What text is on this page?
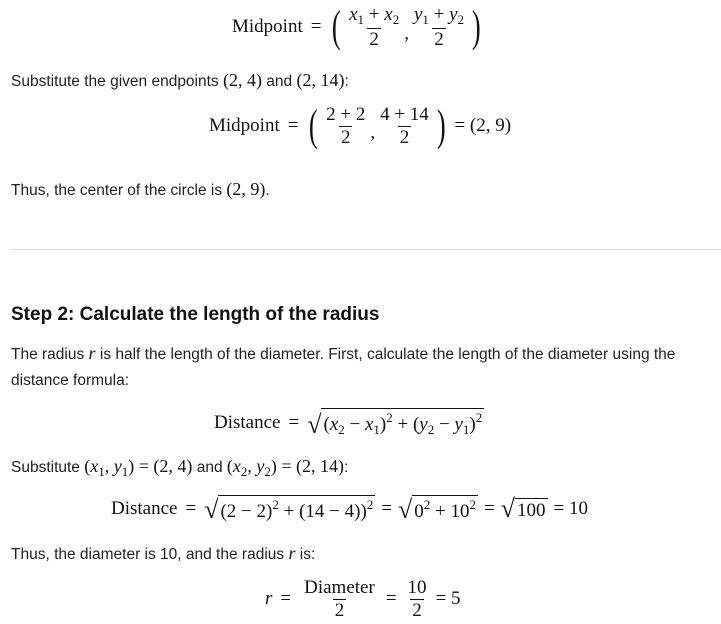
Midpoint = ( $\frac{x_1 + x_2}{2}$ , $\frac{y_1 + y_2}{2}$ )
Substitute the given endpoints (2, 4) and (2, 14):
Midpoint = ( $\frac{2 + 2}{2}$ , $\frac{4 + 14}{2}$ ) = (2, 9)
Thus, the center of the circle is (2, 9).
Step 2: Calculate the length of the radius
The radius r is half the length of the diameter. First, calculate the length of the diameter using the
distance formula:
Distance = √ $(x_2 - x_1)^2 + (y_2 - y_1)^2$
Substitute ($x_1$, $y_1) = (2$, 4) and ($x_2$, $y_2) = (2$, 14):
Distance = √ $(2 - 2)^2 + (14 - 4))^2$ = √ $0^2 + 10^2$ = √ 100 = 10
Thus, the diameter is 10, and the radius r is:
$r = \frac{\text{Diameter}}{2} = \frac{10}{2} = 5$
